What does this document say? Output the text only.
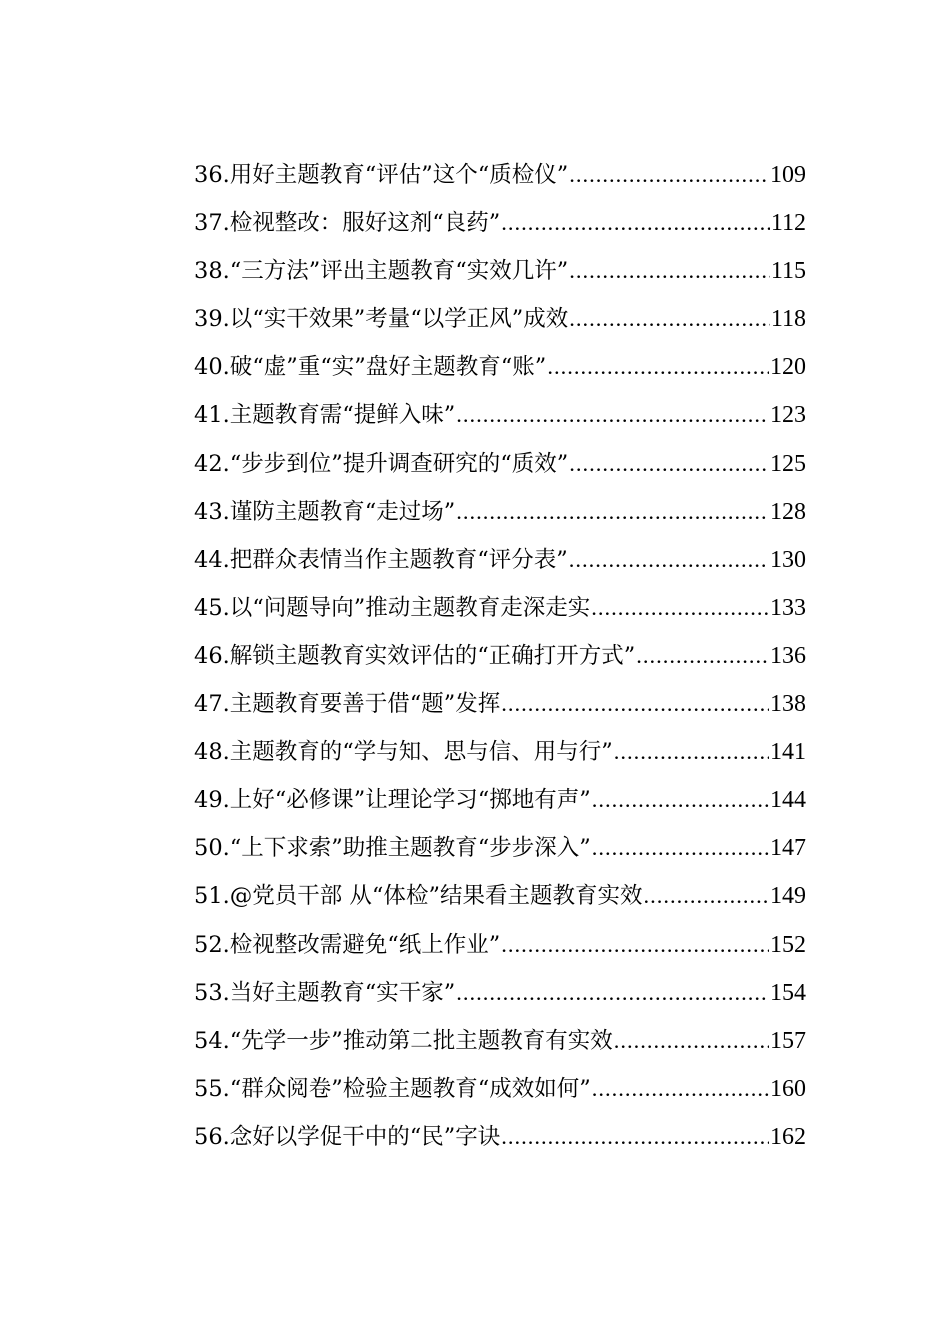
36.用好主题教育“评估”这个“质检仪” .....	109
37.检视整改：服好这剂“良药” .....	112
38.“三方法”评出主题教育“实效几许” .....	115
39.以“实干效果”考量“以学正风”成效 .....	118
40.破“虚”重“实”盘好主题教育“账” .....	120
41.主题教育需“提鲜入味” .....	123
42.“步步到位”提升调查研究的“质效” .....	125
43.谨防主题教育“走过场” .....	128
44.把群众表情当作主题教育“评分表” .....	130
45.以“问题导向”推动主题教育走深走实 .....	133
46.解锁主题教育实效评估的“正确打开方式” .....	136
47.主题教育要善于借“题”发挥 .....	138
48.主题教育的“学与知、思与信、用与行” .....	141
49.上好“必修课”让理论学习“掷地有声” .....	144
50.“上下求索”助推主题教育“步步深入” .....	147
51.@党员干部 从“体检”结果看主题教育实效 .....	149
52.检视整改需避免“纸上作业” .....	152
53.当好主题教育“实干家” .....	154
54.“先学一步”推动第二批主题教育有实效 .....	157
55.“群众阅卷”检验主题教育“成效如何” .....	160
56.念好以学促干中的“民”字诀 .....	162
